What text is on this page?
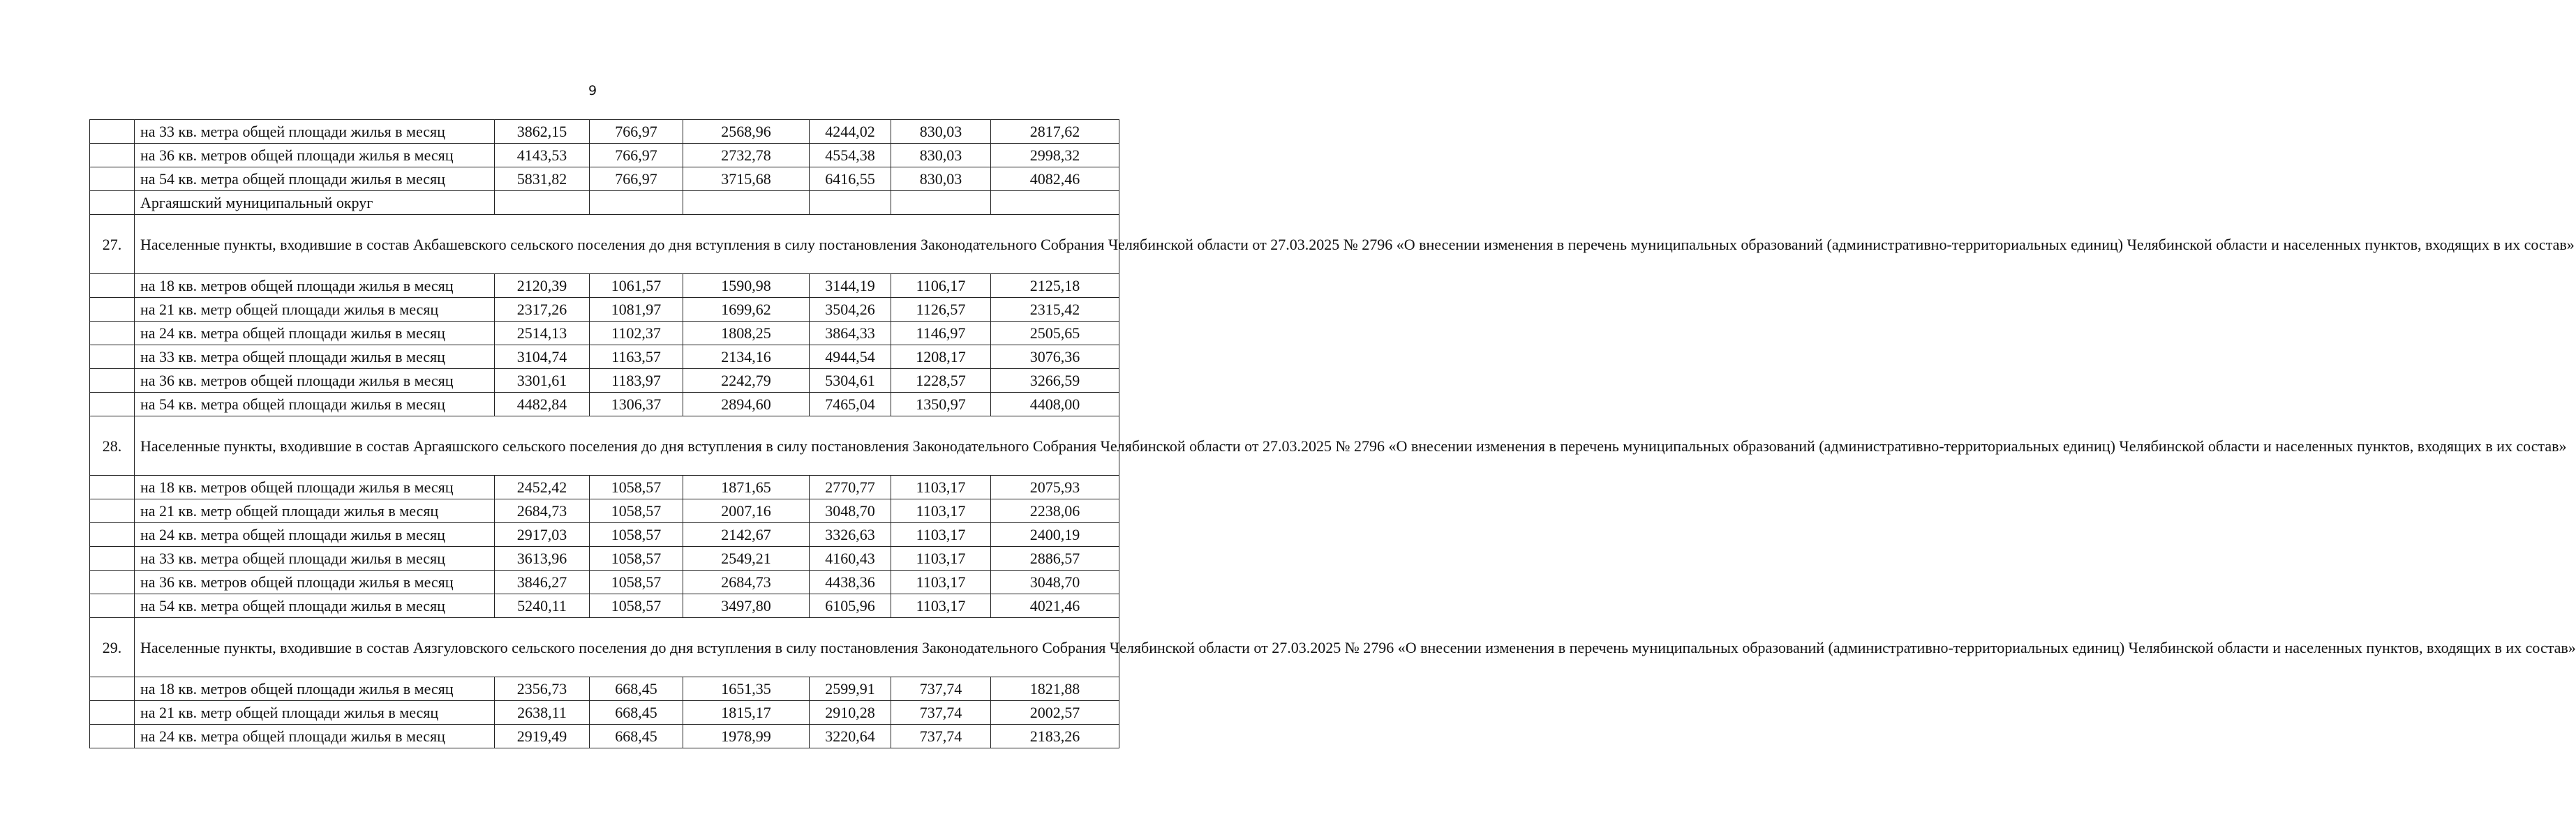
9
	на 33 кв. метра общей площади жилья в месяц	3862,15	766,97	2568,96	4244,02	830,03	2817,62
	на 36 кв. метров общей площади жилья в месяц	4143,53	766,97	2732,78	4554,38	830,03	2998,32
	на 54 кв. метра общей площади жилья в месяц	5831,82	766,97	3715,68	6416,55	830,03	4082,46
	Аргаяшский муниципальный округ						
27.	Населенные пункты, входившие в состав Акбашевского сельского поселения до дня вступления в силу постановления Законодательного Собрания Челябинской области от 27.03.2025 № 2796 «О внесении изменения в перечень муниципальных образований (административно-территориальных единиц) Челябинской области и населенных пунктов, входящих в их состав»						
	на 18 кв. метров общей площади жилья в месяц	2120,39	1061,57	1590,98	3144,19	1106,17	2125,18
	на 21 кв. метр общей площади жилья в месяц	2317,26	1081,97	1699,62	3504,26	1126,57	2315,42
	на 24 кв. метра общей площади жилья в месяц	2514,13	1102,37	1808,25	3864,33	1146,97	2505,65
	на 33 кв. метра общей площади жилья в месяц	3104,74	1163,57	2134,16	4944,54	1208,17	3076,36
	на 36 кв. метров общей площади жилья в месяц	3301,61	1183,97	2242,79	5304,61	1228,57	3266,59
	на 54 кв. метра общей площади жилья в месяц	4482,84	1306,37	2894,60	7465,04	1350,97	4408,00
28.	Населенные пункты, входившие в состав Аргаяшского сельского поселения до дня вступления в силу постановления Законодательного Собрания Челябинской области от 27.03.2025 № 2796 «О внесении изменения в перечень муниципальных образований (административно-территориальных единиц) Челябинской области и населенных пунктов, входящих в их состав»						
	на 18 кв. метров общей площади жилья в месяц	2452,42	1058,57	1871,65	2770,77	1103,17	2075,93
	на 21 кв. метр общей площади жилья в месяц	2684,73	1058,57	2007,16	3048,70	1103,17	2238,06
	на 24 кв. метра общей площади жилья в месяц	2917,03	1058,57	2142,67	3326,63	1103,17	2400,19
	на 33 кв. метра общей площади жилья в месяц	3613,96	1058,57	2549,21	4160,43	1103,17	2886,57
	на 36 кв. метров общей площади жилья в месяц	3846,27	1058,57	2684,73	4438,36	1103,17	3048,70
	на 54 кв. метра общей площади жилья в месяц	5240,11	1058,57	3497,80	6105,96	1103,17	4021,46
29.	Населенные пункты, входившие в состав Аязгуловского сельского поселения до дня вступления в силу постановления Законодательного Собрания Челябинской области от 27.03.2025 № 2796 «О внесении изменения в перечень муниципальных образований (административно-территориальных единиц) Челябинской области и населенных пунктов, входящих в их состав»						
	на 18 кв. метров общей площади жилья в месяц	2356,73	668,45	1651,35	2599,91	737,74	1821,88
	на 21 кв. метр общей площади жилья в месяц	2638,11	668,45	1815,17	2910,28	737,74	2002,57
	на 24 кв. метра общей площади жилья в месяц	2919,49	668,45	1978,99	3220,64	737,74	2183,26
